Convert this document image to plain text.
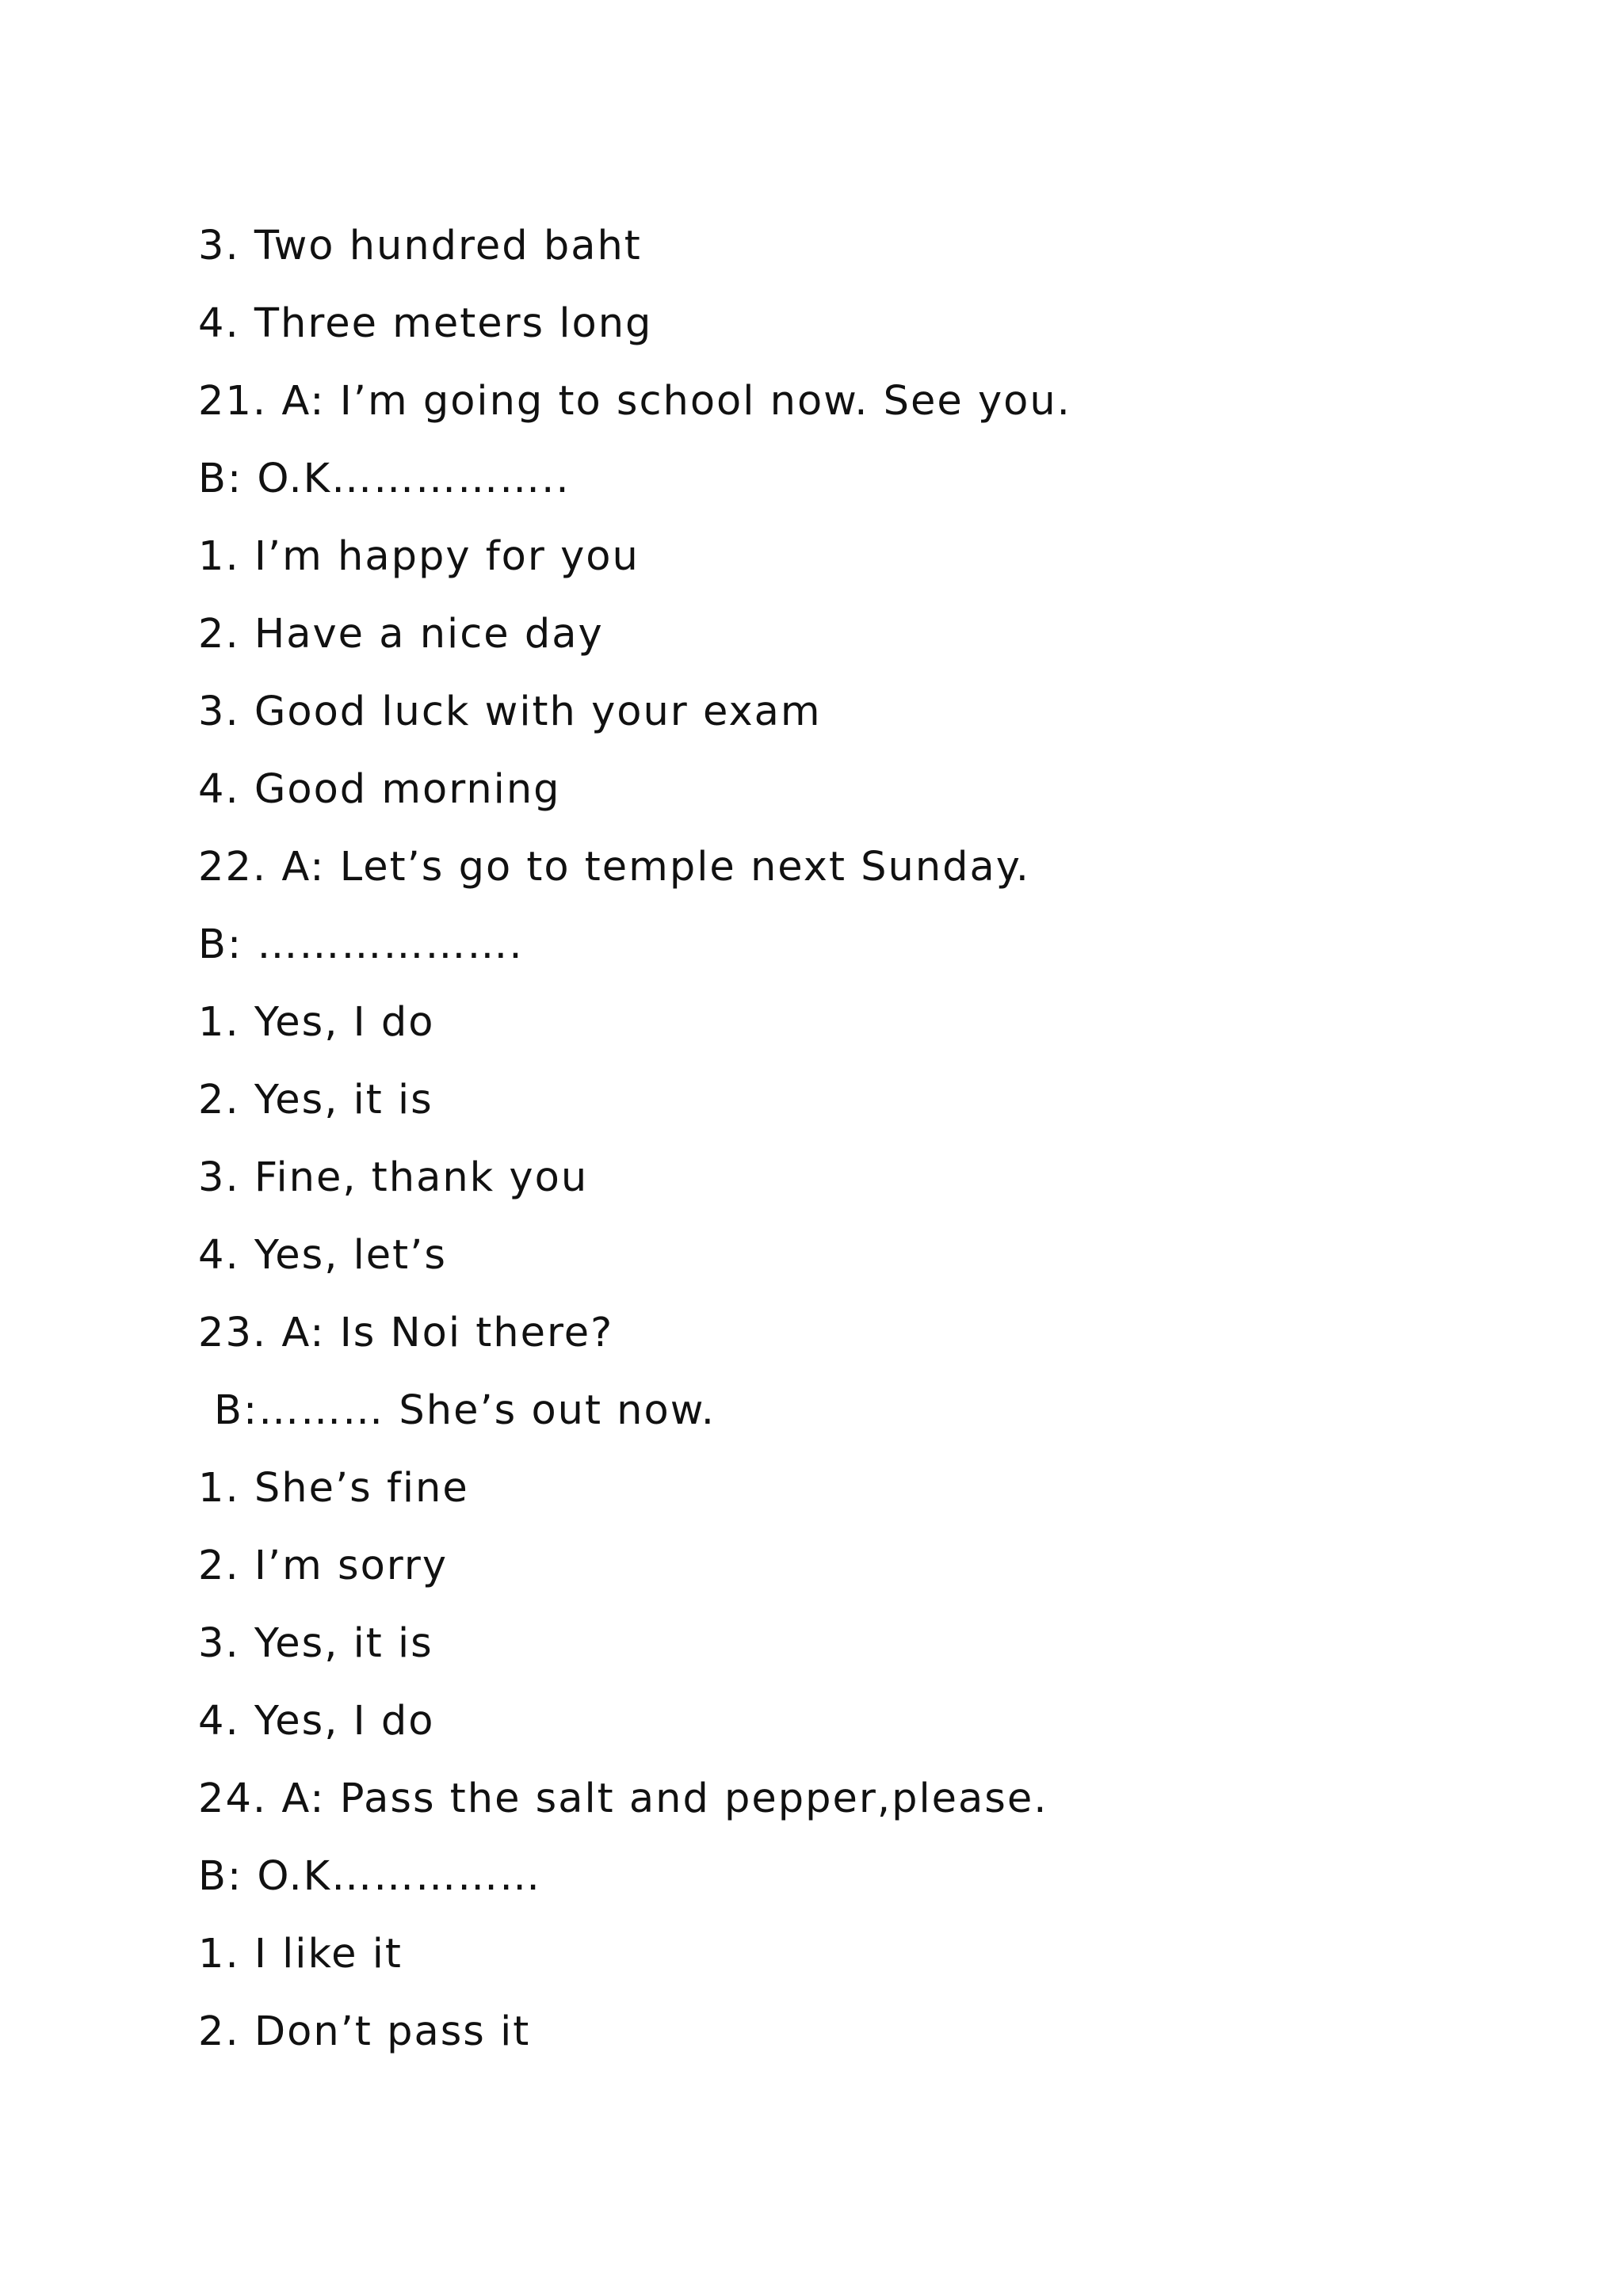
3. Two hundred baht
4. Three meters long
21. A: I’m going to school now. See you.
B: O.K……………..
1. I’m happy for you
2. Have a nice day
3. Good luck with your exam
4. Good morning
22. A: Let’s go to temple next Sunday.
B: ……………….
1. Yes, I do
2. Yes, it is
3. Fine, thank you
4. Yes, let’s
23. A: Is Noi there?
B:……… She’s out now.
1. She’s fine
2. I’m sorry
3. Yes, it is
4. Yes, I do
24. A: Pass the salt and pepper,please.
B: O.K……………
1. I like it
2. Don’t pass it
